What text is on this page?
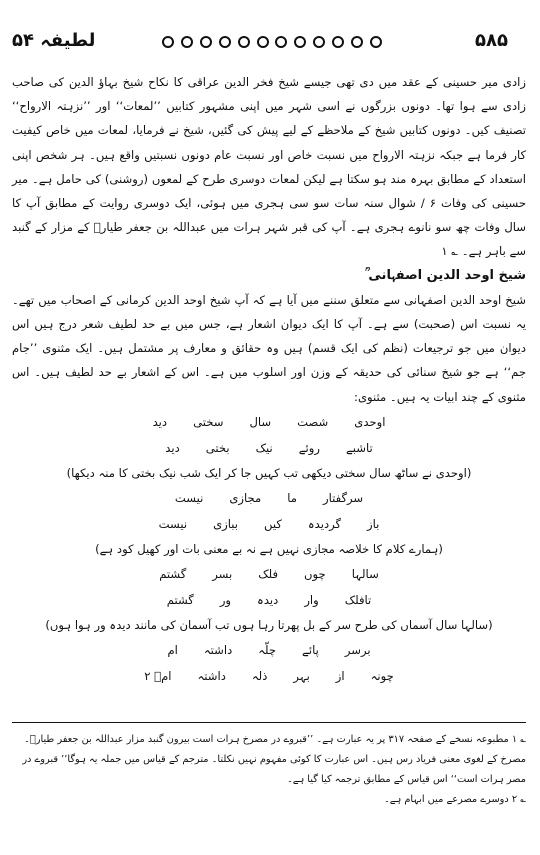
لطیفہ ۵۴	۵۸۵

زادی میر حسینی کے عقد میں دی تھی جیسے شیخ فخر الدین عراقی کا نکاح شیخ بہاؤ الدین کی صاحب زادی سے ہوا تھا۔ دونوں بزرگوں نے اسی شہر میں اپنی مشہور کتابیں ’’لمعات‘‘ اور ’’نزہتہ الارواح‘‘ تصنیف کیں۔ دونوں کتابیں شیخ کے ملاحظے کے لیے پیش کی گئیں، شیخ نے فرمایا، لمعات میں خاص کیفیت کار فرما ہے جبکہ نزہتہ الارواح میں نسبت خاص اور نسبت عام دونوں نسبتیں واقع ہیں۔ ہر شخص اپنی استعداد کے مطابق بہرہ مند ہو سکتا ہے لیکن لمعات دوسری طرح کے لمعوں (روشنی) کی حامل ہے۔ میر حسینی کی وفات ۶ / شوال سنہ سات سو سی ہجری میں ہوئی، ایک دوسری روایت کے مطابق آپ کا سال وفات چھ سو نانوے ہجری ہے۔ آپ کی قبر شہر ہرات میں عبداللہ بن جعفر طیارؓ کے مزار کے گنبد سے باہر ہے۔ ؎ ۱

شیخ اوحد الدین اصفہانی ؒ

شیخ اوحد الدین اصفہانی سے متعلق سننے میں آیا ہے کہ آپ شیخ اوحد الدین کرمانی کے اصحاب میں تھے۔ یہ نسبت اس (صحبت) سے ہے۔ آپ کا ایک دیوان اشعار ہے، جس میں بے حد لطیف شعر درج ہیں اس دیوان میں جو ترجیعات (نظم کی ایک قسم) ہیں وہ حقائق و معارف پر مشتمل ہیں۔ ایک مثنوی ’’جام جم‘‘ ہے جو شیخ سنائی کی حدیقہ کے وزن اور اسلوب میں ہے۔ اس کے اشعار بے حد لطیف ہیں۔ اس مثنوی کے چند ابیات یہ ہیں۔ مثنوی:

اوحدی
شصت
سال
سختی
دید
تاشبے
روئے
نیک
بختی
دید
(اوحدی نے ساٹھ سال سختی دیکھی تب کہیں جا کر ایک شب نیک بختی کا منہ دیکھا)
سرگفتار
ما
مجازی
نیست
باز
گردیدہ
کیں
ببازی
نیست
(ہمارے کلام کا خلاصہ مجازی نہیں ہے نہ بے معنی بات اور کھیل کود ہے)
سالہا
چوں
فلک
بسر
گشتم
تافلک
وار
دیدہ
ور
گشتم
(سالہا سال آسماں کی طرح سر کے بل پھرتا رہا ہوں تب آسمان کی مانند دیدہ ور ہوا ہوں)
برسر
پائے
چلّہ
داشتہ
ام
چونہ
از
بہر
ذلہ
داشتہ
امؔ ۲

؎ ۱ مطبوعہ نسخے کے صفحہ ۳۱۷ پر یہ عبارت ہے۔ ’’قبروے در مصرخ ہرات است بیرون گنبد مزار عبداللہ بن جعفر طیارؓ۔ مصرخ کے لغوی معنی فریاد رس ہیں۔ اس عبارت کا کوئی مفہوم نہیں نکلتا۔ مترجم کے قیاس میں جملہ یہ ہوگا’’ قبروے در مصر ہرات است‘‘ اس قیاس کے مطابق ترجمہ کیا گیا ہے۔

؎ ۲ دوسرے مصرعے میں ابہام ہے۔
